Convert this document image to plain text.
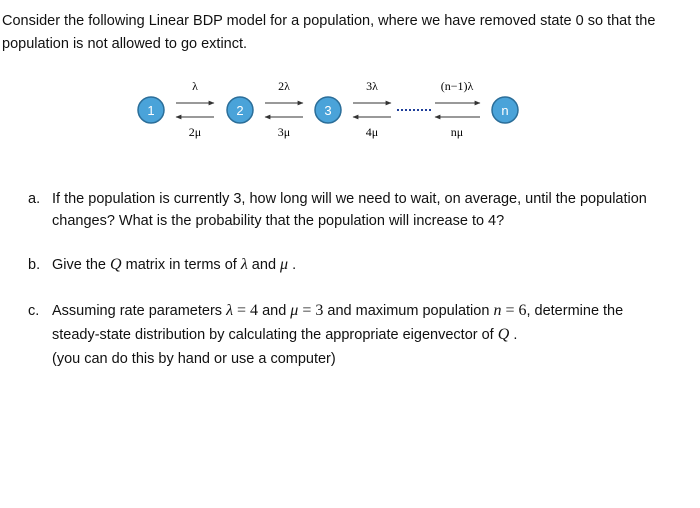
Consider the following Linear BDP model for a population, where we have removed state 0 so that the
population is not allowed to go extinct.
1	2	3	n
λ	2λ	3λ	(n−1)λ
2μ	3μ	4μ	nμ
a. If the population is currently 3, how long will we need to wait, on average, until the population
changes? What is the probability that the population will increase to 4?
b. Give the Q matrix in terms of λ and μ .
c. Assuming rate parameters λ = 4 and μ = 3 and maximum population n = 6, determine the
steady-state distribution by calculating the appropriate eigenvector of Q .
(you can do this by hand or use a computer)
